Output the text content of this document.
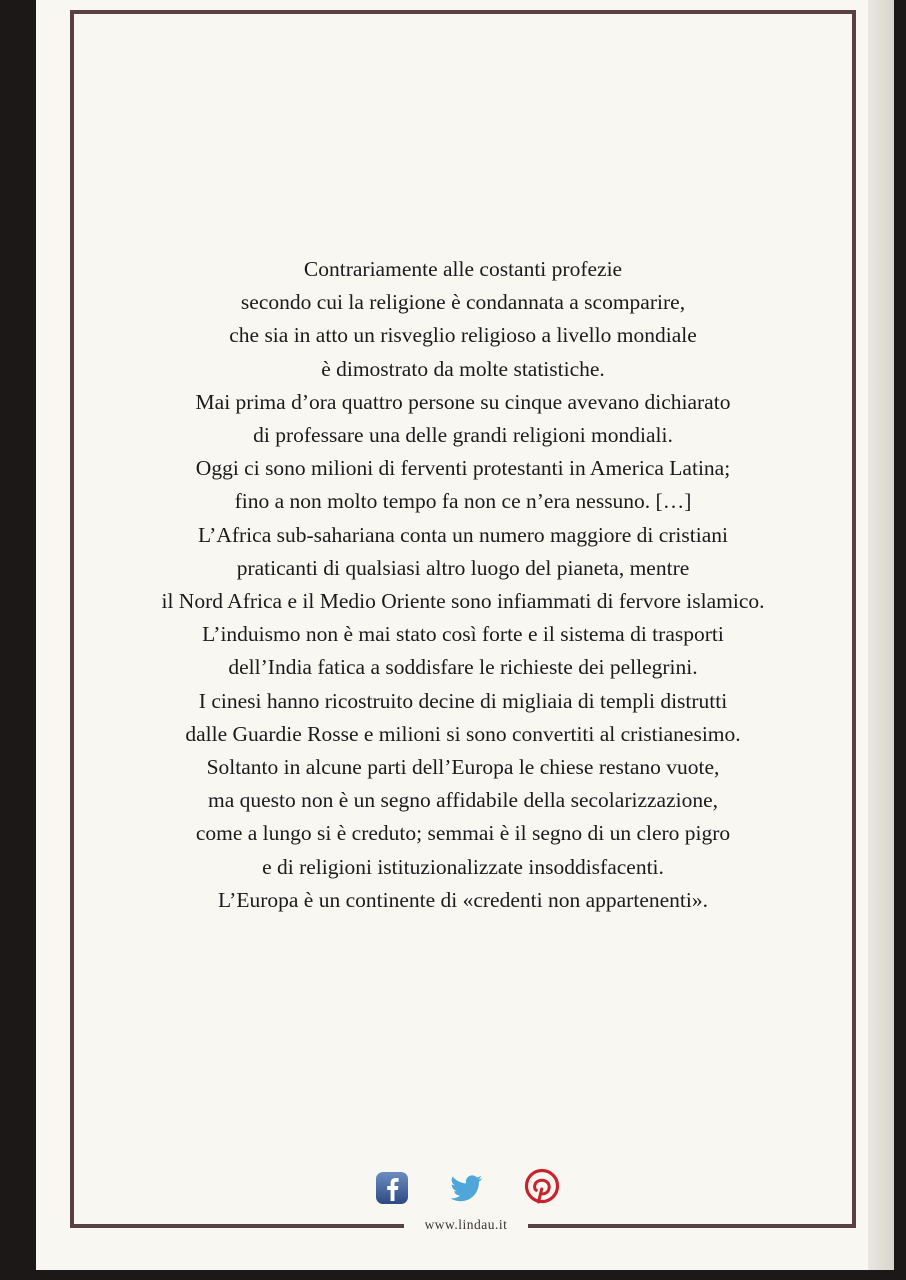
Contrariamente alle costanti profezie
secondo cui la religione è condannata a scomparire,
che sia in atto un risveglio religioso a livello mondiale
è dimostrato da molte statistiche.
Mai prima d’ora quattro persone su cinque avevano dichiarato
di professare una delle grandi religioni mondiali.
Oggi ci sono milioni di ferventi protestanti in America Latina;
fino a non molto tempo fa non ce n’era nessuno. […]
L’Africa sub-sahariana conta un numero maggiore di cristiani
praticanti di qualsiasi altro luogo del pianeta, mentre
il Nord Africa e il Medio Oriente sono infiammati di fervore islamico.
L’induismo non è mai stato così forte e il sistema di trasporti
dell’India fatica a soddisfare le richieste dei pellegrini.
I cinesi hanno ricostruito decine di migliaia di templi distrutti
dalle Guardie Rosse e milioni si sono convertiti al cristianesimo.
Soltanto in alcune parti dell’Europa le chiese restano vuote,
ma questo non è un segno affidabile della secolarizzazione,
come a lungo si è creduto; semmai è il segno di un clero pigro
e di religioni istituzionalizzate insoddisfacenti.
L’Europa è un continente di «credenti non appartenenti».
www.lindau.it
